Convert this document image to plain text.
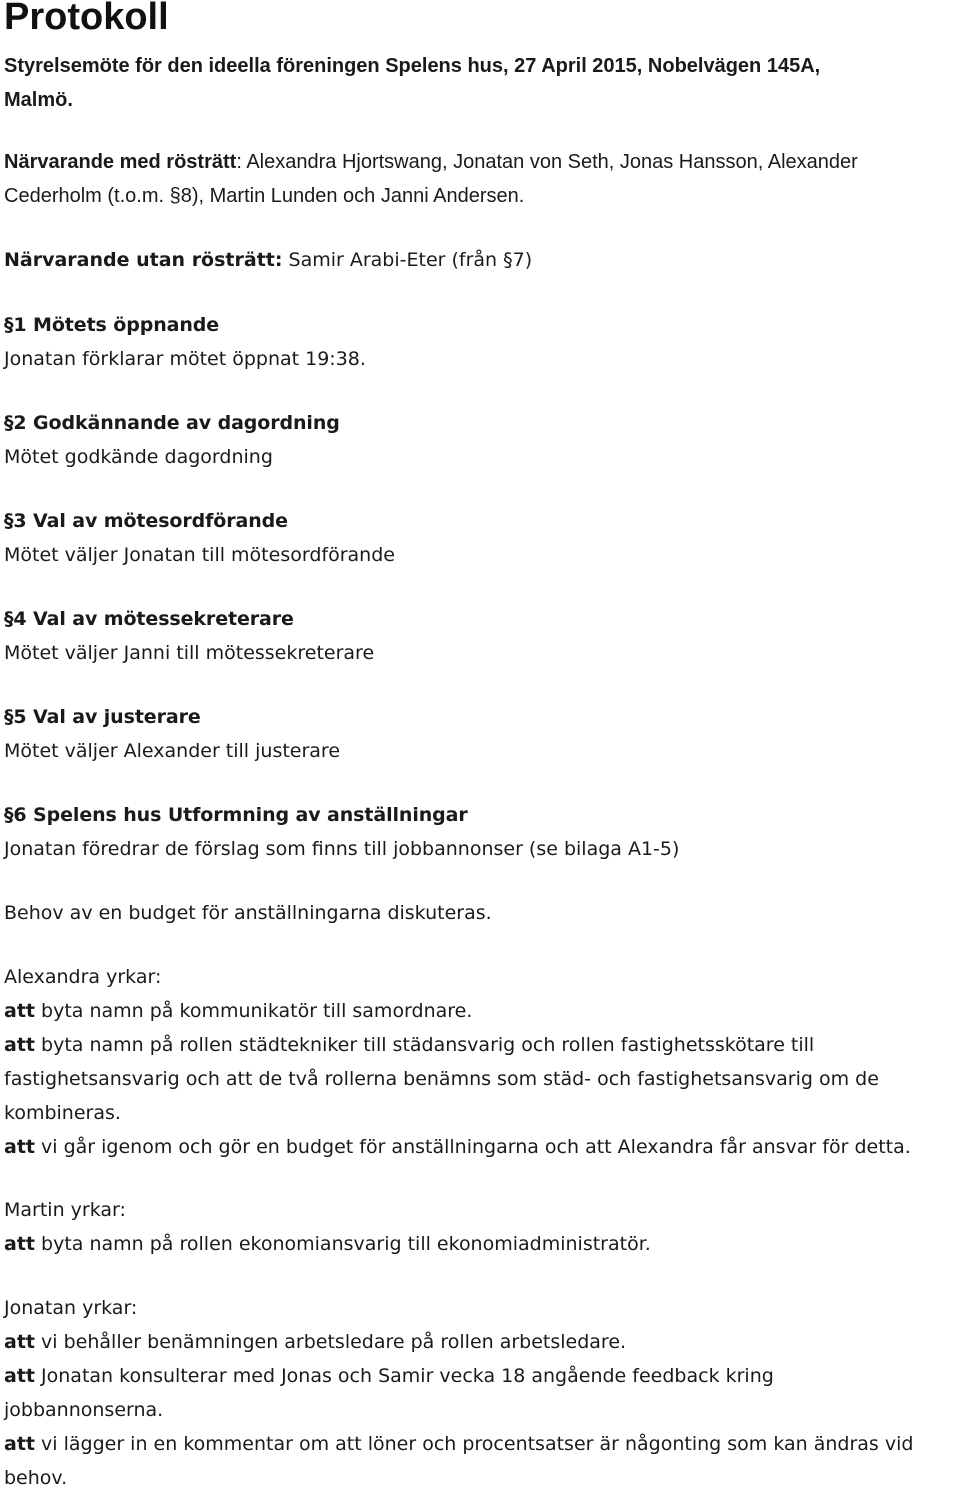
Protokoll

Styrelsemöte för den ideella föreningen Spelens hus, 27 April 2015, Nobelvägen 145A,
Malmö.

Närvarande med rösträtt: Alexandra Hjortswang, Jonatan von Seth, Jonas Hansson, Alexander
Cederholm (t.o.m. §8), Martin Lunden och Janni Andersen.

Närvarande utan rösträtt: Samir Arabi-Eter (från §7)

§1 Mötets öppnande
Jonatan förklarar mötet öppnat 19:38.
§2 Godkännande av dagordning
Mötet godkände dagordning
§3 Val av mötesordförande
Mötet väljer Jonatan till mötesordförande
§4 Val av mötessekreterare
Mötet väljer Janni till mötessekreterare
§5 Val av justerare
Mötet väljer Alexander till justerare
§6 Spelens hus Utformning av anställningar
Jonatan föredrar de förslag som finns till jobbannonser (se bilaga A1-5)

Behov av en budget för anställningarna diskuteras.

Alexandra yrkar:
att byta namn på kommunikatör till samordnare.
att byta namn på rollen städtekniker till städansvarig och rollen fastighetsskötare till
fastighetsansvarig och att de två rollerna benämns som städ- och fastighetsansvarig om de
kombineras.
att vi går igenom och gör en budget för anställningarna och att Alexandra får ansvar för detta.
Martin yrkar:
att byta namn på rollen ekonomiansvarig till ekonomiadministratör.
Jonatan yrkar:
att vi behåller benämningen arbetsledare på rollen arbetsledare.
att Jonatan konsulterar med Jonas och Samir vecka 18 angående feedback kring
jobbannonserna.
att vi lägger in en kommentar om att löner och procentsatser är någonting som kan ändras vid
behov.
